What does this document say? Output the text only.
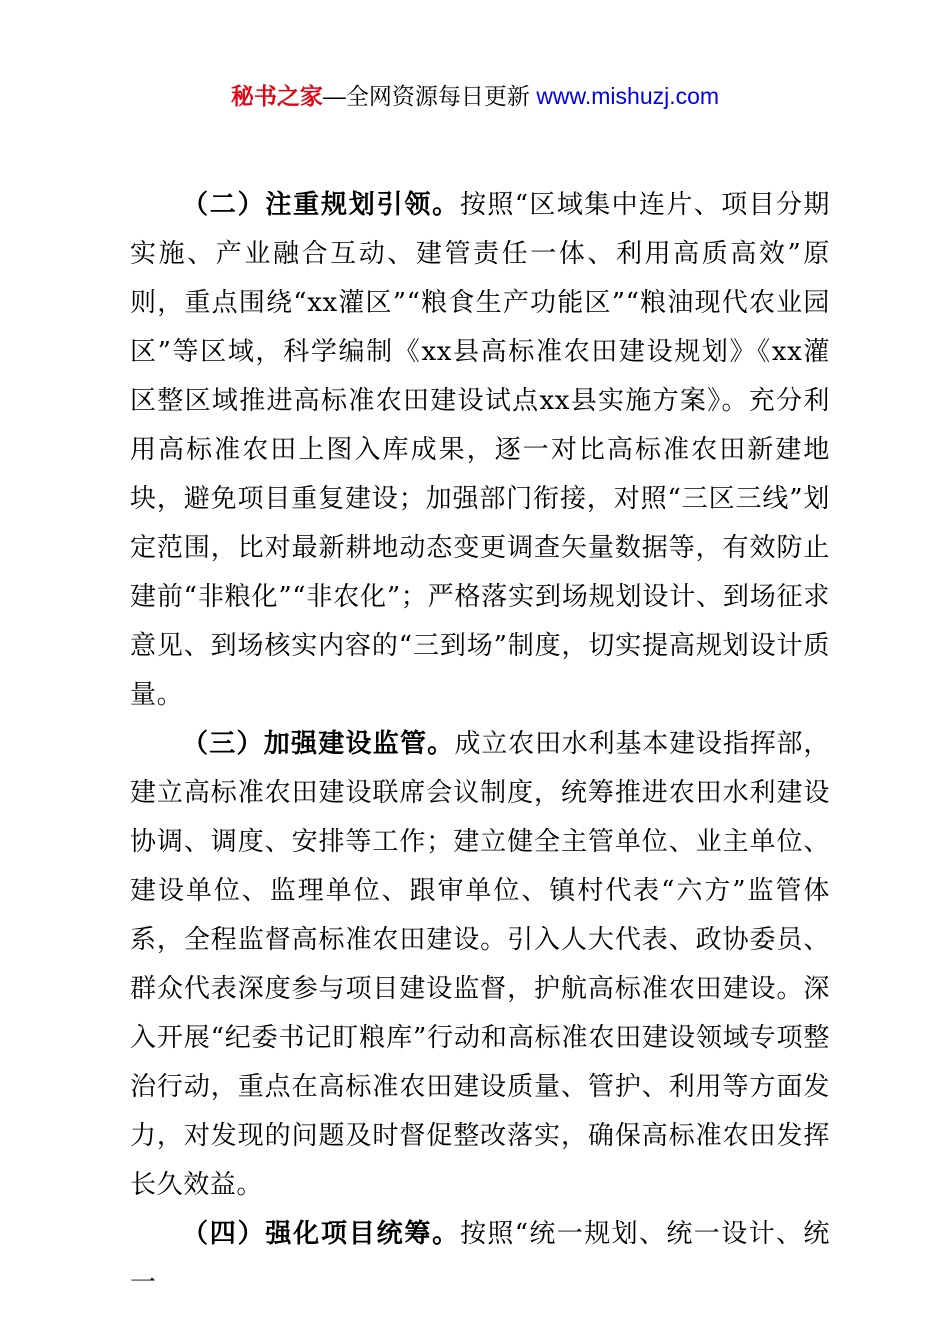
秘书之家—全网资源每日更新 www.mishuzj.com

（二）注重规划引领。按照“区域集中连片、项目分期实施、产业融合互动、建管责任一体、利用高质高效”原则，重点围绕“xx灌区”“粮食生产功能区”“粮油现代农业园区”等区域，科学编制《xx县高标准农田建设规划》《xx灌区整区域推进高标准农田建设试点xx县实施方案》。充分利用高标准农田上图入库成果，逐一对比高标准农田新建地块，避免项目重复建设；加强部门衔接，对照“三区三线”划定范围，比对最新耕地动态变更调查矢量数据等，有效防止建前“非粮化”“非农化”；严格落实到场规划设计、到场征求意见、到场核实内容的“三到场”制度，切实提高规划设计质量。

（三）加强建设监管。成立农田水利基本建设指挥部，建立高标准农田建设联席会议制度，统筹推进农田水利建设协调、调度、安排等工作；建立健全主管单位、业主单位、建设单位、监理单位、跟审单位、镇村代表“六方”监管体系，全程监督高标准农田建设。引入人大代表、政协委员、群众代表深度参与项目建设监督，护航高标准农田建设。深入开展“纪委书记盯粮库”行动和高标准农田建设领域专项整治行动，重点在高标准农田建设质量、管护、利用等方面发力，对发现的问题及时督促整改落实，确保高标准农田发挥长久效益。

（四）强化项目统筹。按照“统一规划、统一设计、统一
